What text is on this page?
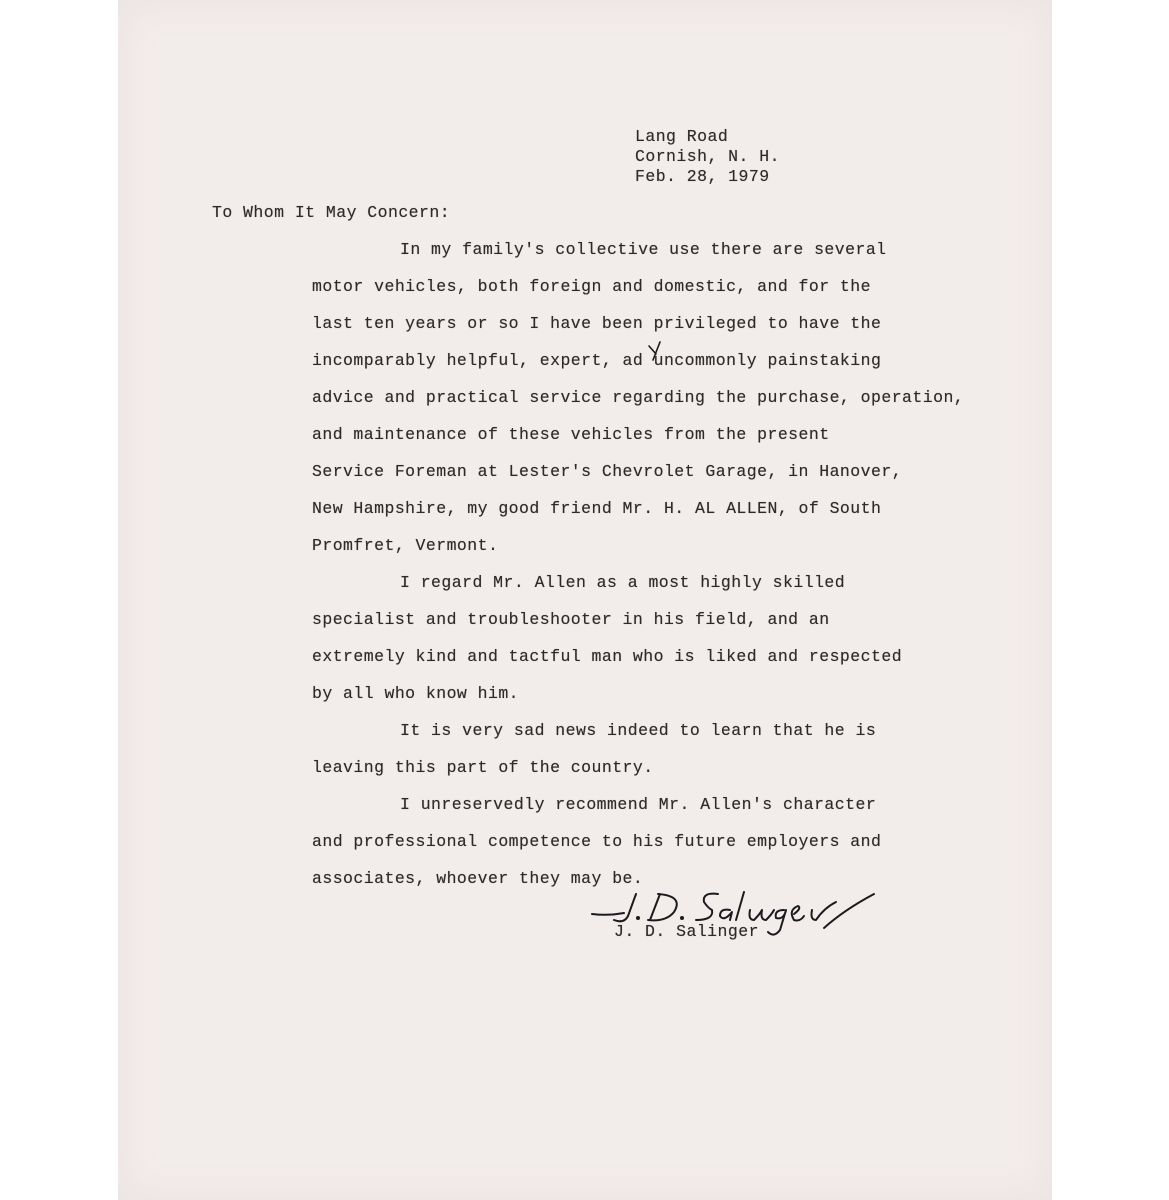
Lang Road

Cornish, N. H.

Feb. 28, 1979

To Whom It May Concern:

In my family's collective use there are several

motor vehicles, both foreign and domestic, and for the

last ten years or so I have been privileged to have the

incomparably helpful, expert, ad uncommonly painstaking

advice and practical service regarding the purchase, operation,

and maintenance of these vehicles from the present

Service Foreman at Lester's Chevrolet Garage, in Hanover,

New Hampshire, my good friend Mr. H. AL ALLEN, of South

Promfret, Vermont.

I regard Mr. Allen as a most highly skilled

specialist and troubleshooter in his field, and an

extremely kind and tactful man who is liked and respected

by all who know him.

It is very sad news indeed to learn that he is

leaving this part of the country.

I unreservedly recommend Mr. Allen's character

and professional competence to his future employers and

associates, whoever they may be.

J. D. Salinger
